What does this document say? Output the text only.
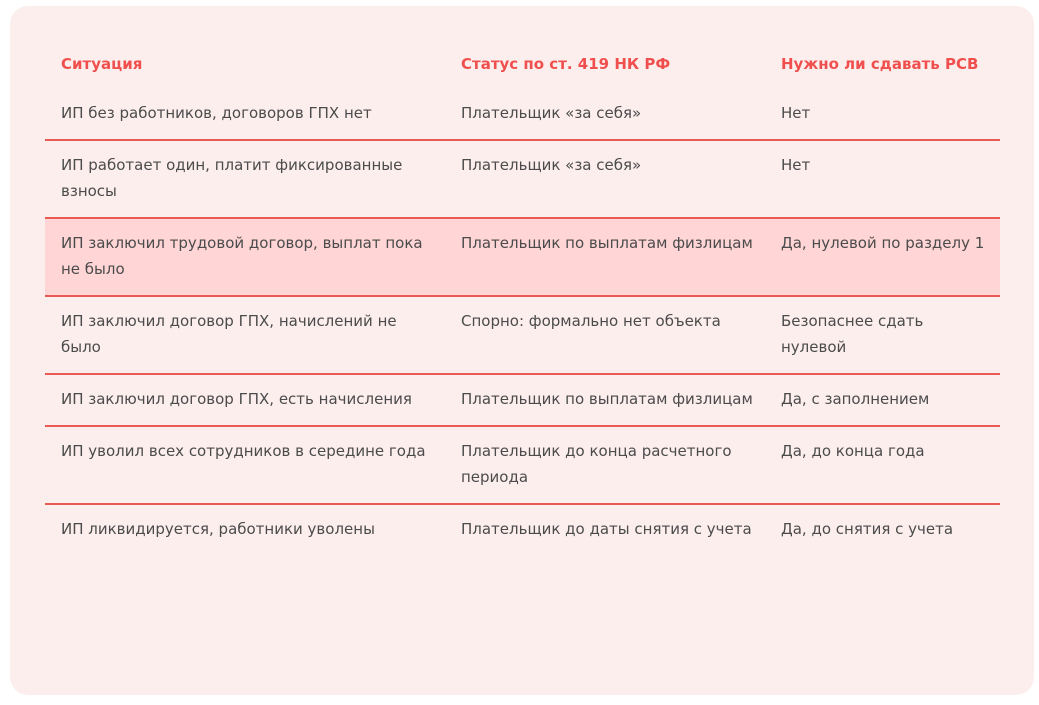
Ситуация	Статус по ст. 419 НК РФ	Нужно ли сдавать РСВ
ИП без работников, договоров ГПХ нет	Плательщик «за себя»	Нет
ИП работает один, платит фиксированные взносы	Плательщик «за себя»	Нет
ИП заключил трудовой договор, выплат пока не было	Плательщик по выплатам физлицам	Да, нулевой по разделу 1
ИП заключил договор ГПХ, начислений не было	Спорно: формально нет объекта	Безопаснее сдать нулевой
ИП заключил договор ГПХ, есть начисления	Плательщик по выплатам физлицам	Да, с заполнением
ИП уволил всех сотрудников в середине года	Плательщик до конца расчетного периода	Да, до конца года
ИП ликвидируется, работники уволены	Плательщик до даты снятия с учета	Да, до снятия с учета
